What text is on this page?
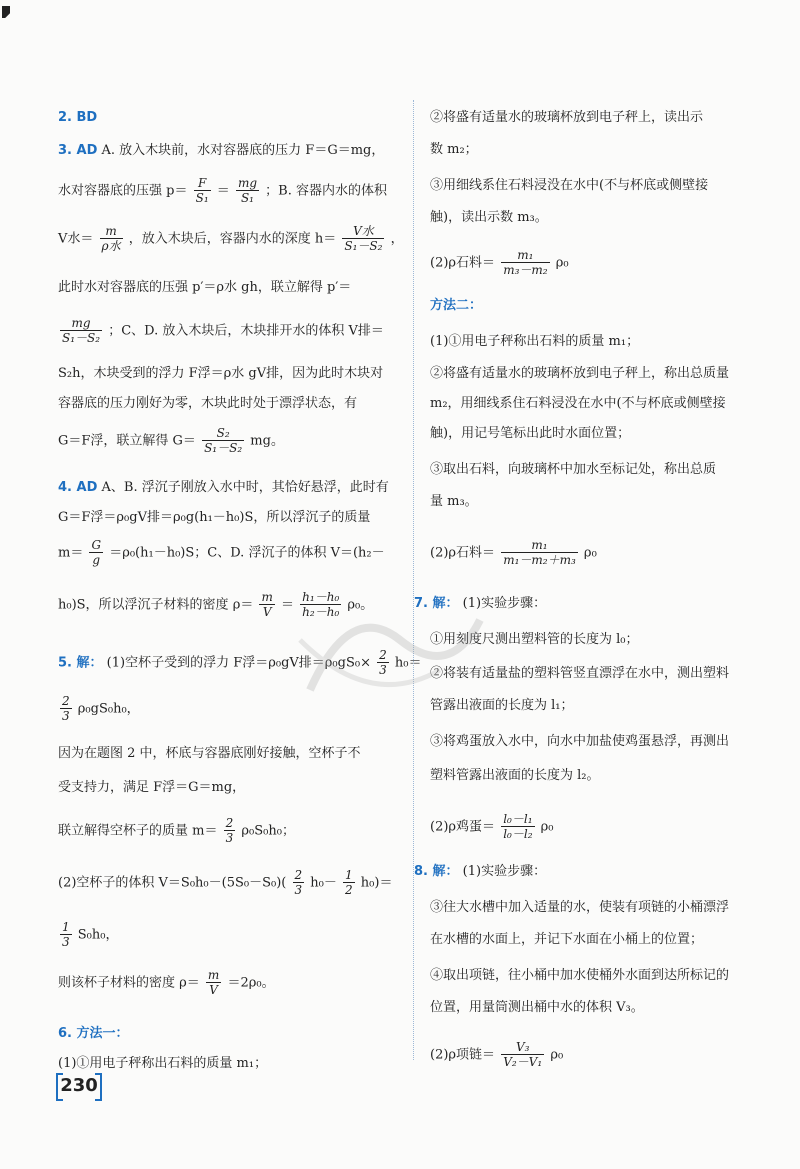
2. BD
3. AD A. 放入木块前，水对容器底的压力 F＝G＝mg，
水对容器底的压强 $p= \frac{F}{\text{S₁}} = \frac{mg}{\text{S₁}}$ ；B. 容器内水的体积
V水＝ $\frac{m}{\text{ρ水}}$ ，放入木块后，容器内水的深度 $h= \frac{\text{V水}}{\text{S₁－S₂}}$ ，
此时水对容器底的压强 p′＝ρ水 gh，联立解得 p′＝
$\frac{mg}{\text{S₁－S₂}}$ ；C、D. 放入木块后，木块排开水的体积 V排＝
S₂h，木块受到的浮力 F浮＝ρ水 gV排，因为此时木块对
容器底的压力刚好为零，木块此时处于漂浮状态，有
G＝F浮，联立解得 $G= \frac{\text{S₂}}{\text{S₁－S₂}}$ mg。
4. AD A、B. 浮沉子刚放入水中时，其恰好悬浮，此时有
G＝F浮＝ρ₀gV排＝ρ₀g(h₁－h₀)S，所以浮沉子的质量
$m= \frac{G}{g} =\rho_0(h_1-h_0)S$；C、D. 浮沉子的体积 V＝(h₂－
h₀)S，所以浮沉子材料的密度 $\rho= \frac{m}{V} = \frac{\text{h₁－h₀}}{\text{h₂－h₀}} \rho_0$。
5. 解： (1)空杯子受到的浮力 F浮＝ρ₀gV排$=\rho_0gS_0\times \frac{2}{3} h_0=$
$\frac{2}{3} \rho_0gS_0h_0$，
因为在题图 2 中，杯底与容器底刚好接触，空杯子不
受支持力，满足 F浮＝G＝mg，
联立解得空杯子的质量 $m= \frac{2}{3} \rho_0S_0h_0$；
(2)空杯子的体积 $V=S_0h_0-(5S_0-S_0)( \frac{2}{3} h_0- \frac{1}{2} h_0)=$
$\frac{1}{3} S_0h_0$，
则该杯子材料的密度 $\rho= \frac{m}{V} =2\rho_0$。
6. 方法一：
(1)①用电子秤称出石料的质量 m₁；
②将盛有适量水的玻璃杯放到电子秤上，读出示
数 m₂；
③用细线系住石料浸没在水中(不与杯底或侧壁接
触)，读出示数 m₃。
(2)ρ石料＝ $\frac{\text{m₁}}{\text{m₃－m₂}} \rho_0$
方法二：
(1)①用电子秤称出石料的质量 m₁；
②将盛有适量水的玻璃杯放到电子秤上，称出总质量
m₂，用细线系住石料浸没在水中(不与杯底或侧壁接
触)，用记号笔标出此时水面位置；
③取出石料，向玻璃杯中加水至标记处，称出总质
量 m₃。
(2)ρ石料＝ $\frac{\text{m₁}}{\text{m₁－m₂＋m₃}} \rho_0$
7. 解： (1)实验步骤：
①用刻度尺测出塑料管的长度为 l₀；
②将装有适量盐的塑料管竖直漂浮在水中，测出塑料
管露出液面的长度为 l₁；
③将鸡蛋放入水中，向水中加盐使鸡蛋悬浮，再测出
塑料管露出液面的长度为 l₂。
(2)ρ鸡蛋＝ $\frac{\text{l₀－l₁}}{\text{l₀－l₂}} \rho_0$
8. 解： (1)实验步骤：
③往大水槽中加入适量的水，使装有项链的小桶漂浮
在水槽的水面上，并记下水面在小桶上的位置；
④取出项链，往小桶中加水使桶外水面到达所标记的
位置，用量筒测出桶中水的体积 V₃。
(2)ρ项链＝ $\frac{\text{V₃}}{\text{V₂－V₁}} \rho_0$
230
